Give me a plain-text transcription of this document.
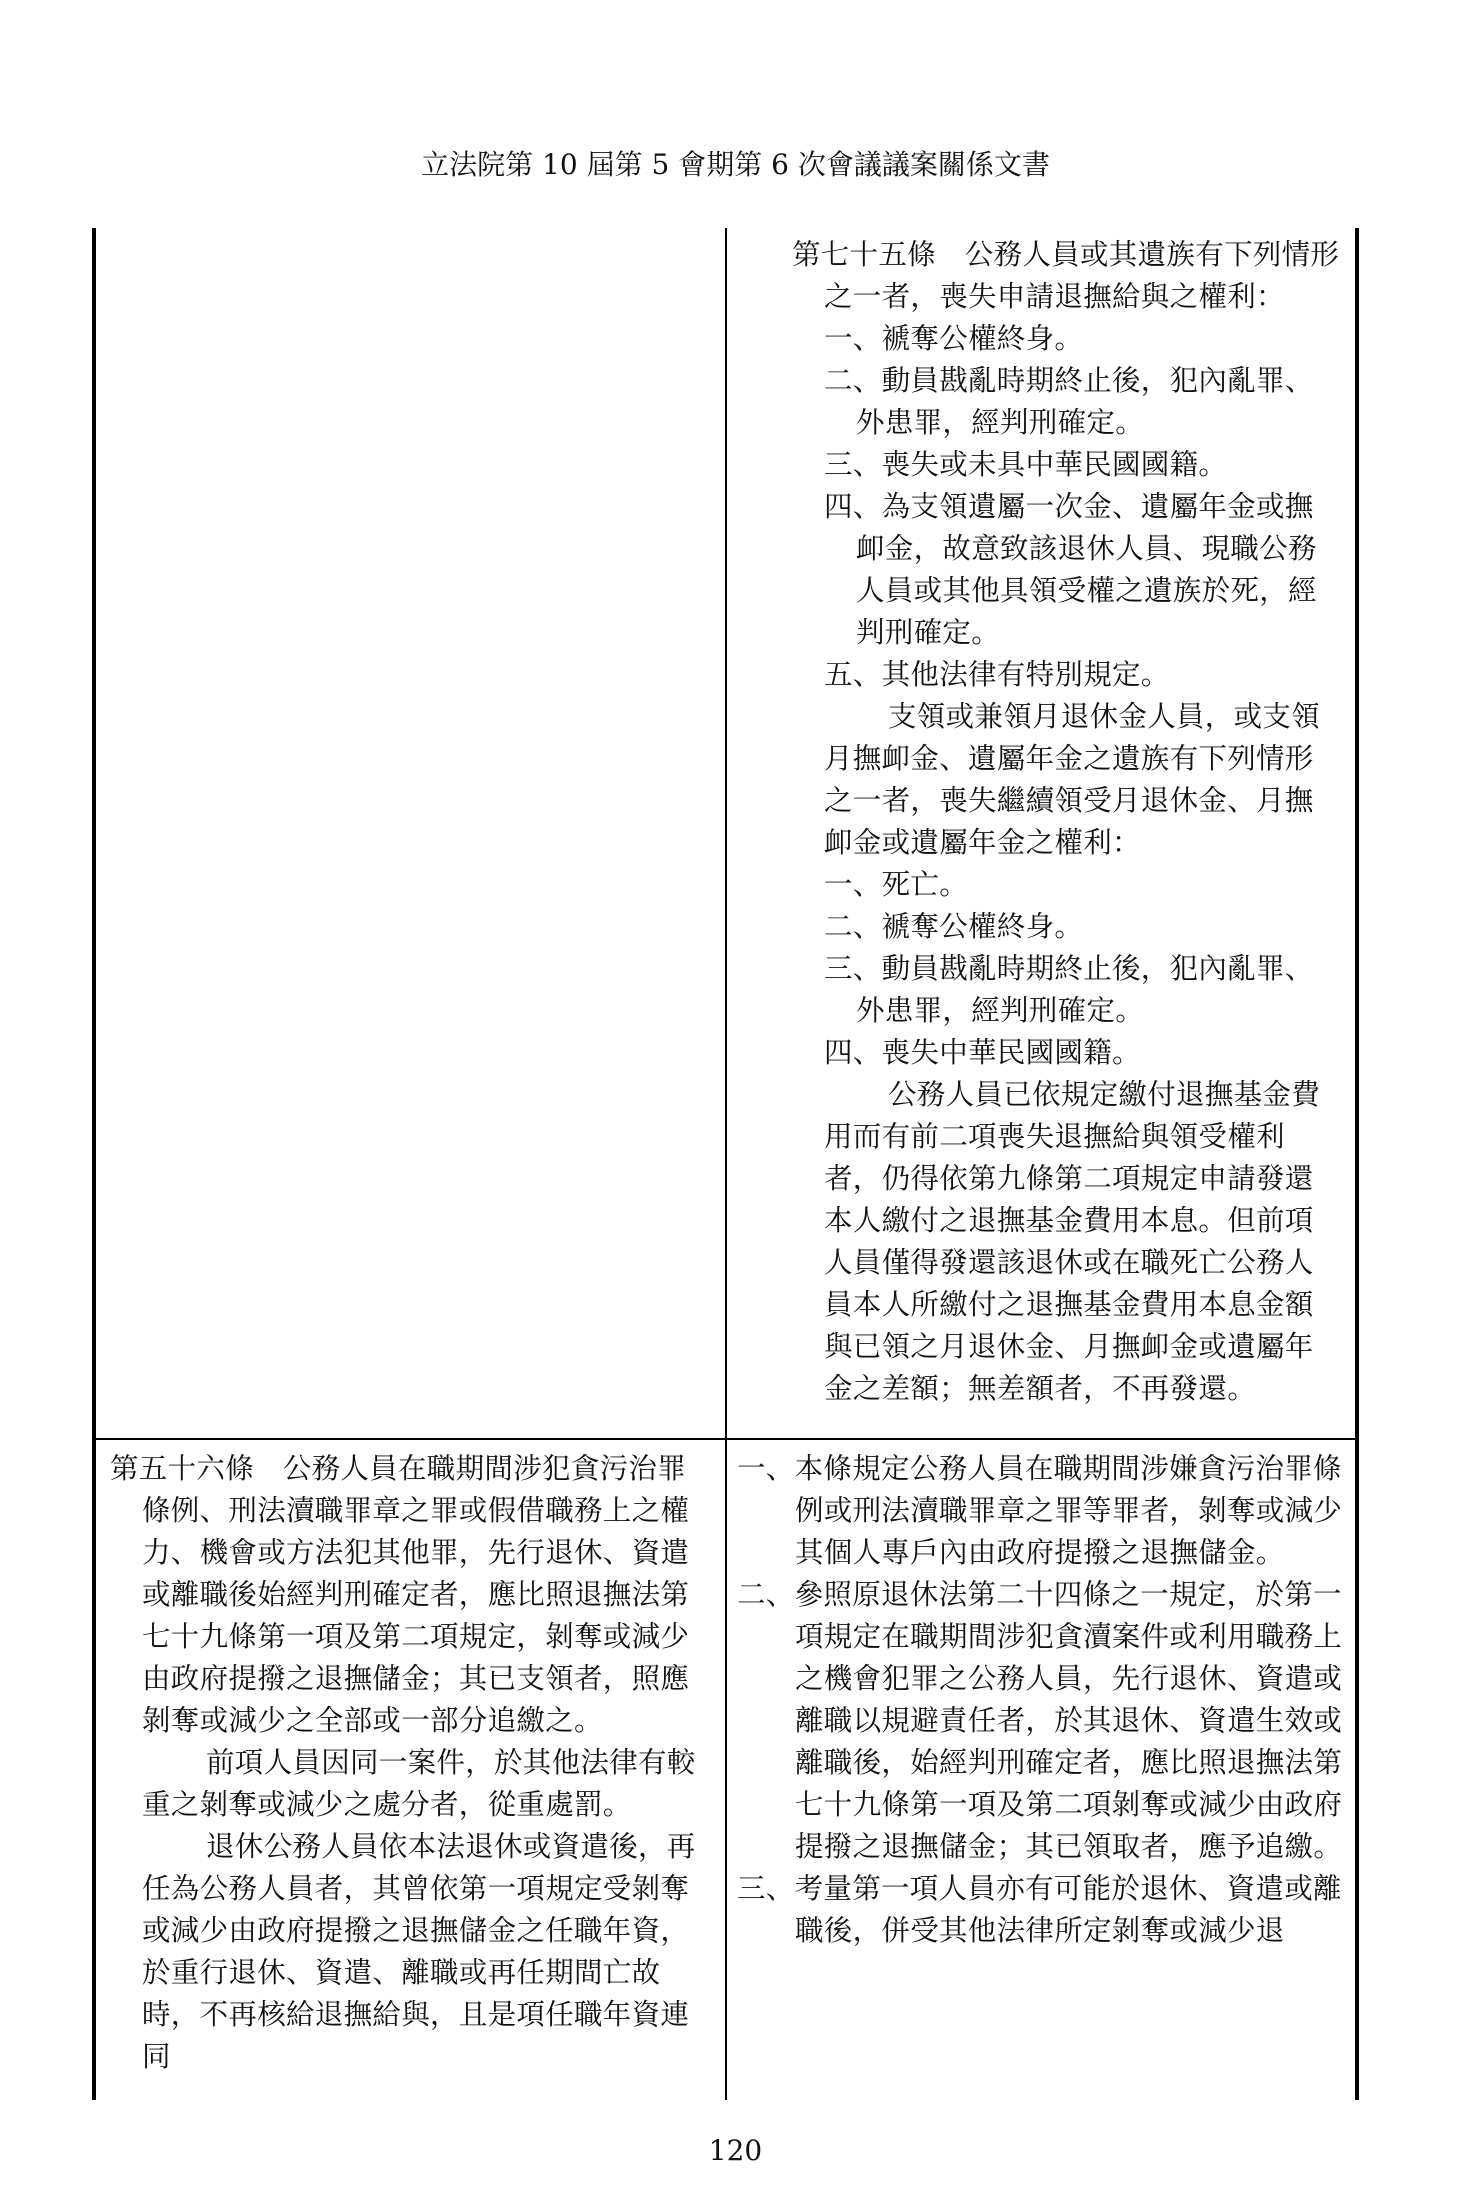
立法院第 10 屆第 5 會期第 6 次會議議案關係文書

第七十五條　公務人員或其遺族有下列情形之一者，喪失申請退撫給與之權利：

一、褫奪公權終身。

二、動員戡亂時期終止後，犯內亂罪、外患罪，經判刑確定。

三、喪失或未具中華民國國籍。

四、為支領遺屬一次金、遺屬年金或撫卹金，故意致該退休人員、現職公務人員或其他具領受權之遺族於死，經判刑確定。

五、其他法律有特別規定。

支領或兼領月退休金人員，或支領月撫卹金、遺屬年金之遺族有下列情形之一者，喪失繼續領受月退休金、月撫卹金或遺屬年金之權利：

一、死亡。

二、褫奪公權終身。

三、動員戡亂時期終止後，犯內亂罪、外患罪，經判刑確定。

四、喪失中華民國國籍。

公務人員已依規定繳付退撫基金費用而有前二項喪失退撫給與領受權利者，仍得依第九條第二項規定申請發還本人繳付之退撫基金費用本息。但前項人員僅得發還該退休或在職死亡公務人員本人所繳付之退撫基金費用本息金額與已領之月退休金、月撫卹金或遺屬年金之差額；無差額者，不再發還。

第五十六條　公務人員在職期間涉犯貪污治罪條例、刑法瀆職罪章之罪或假借職務上之權力、機會或方法犯其他罪，先行退休、資遣或離職後始經判刑確定者，應比照退撫法第七十九條第一項及第二項規定，剝奪或減少由政府提撥之退撫儲金；其已支領者，照應剝奪或減少之全部或一部分追繳之。

前項人員因同一案件，於其他法律有較重之剝奪或減少之處分者，從重處罰。

退休公務人員依本法退休或資遣後，再任為公務人員者，其曾依第一項規定受剝奪或減少由政府提撥之退撫儲金之任職年資，於重行退休、資遣、離職或再任期間亡故時，不再核給退撫給與，且是項任職年資連同

一、本條規定公務人員在職期間涉嫌貪污治罪條例或刑法瀆職罪章之罪等罪者，剝奪或減少其個人專戶內由政府提撥之退撫儲金。

二、參照原退休法第二十四條之一規定，於第一項規定在職期間涉犯貪瀆案件或利用職務上之機會犯罪之公務人員，先行退休、資遣或離職以規避責任者，於其退休、資遣生效或離職後，始經判刑確定者，應比照退撫法第七十九條第一項及第二項剝奪或減少由政府提撥之退撫儲金；其已領取者，應予追繳。

三、考量第一項人員亦有可能於退休、資遣或離職後，併受其他法律所定剝奪或減少退

120
